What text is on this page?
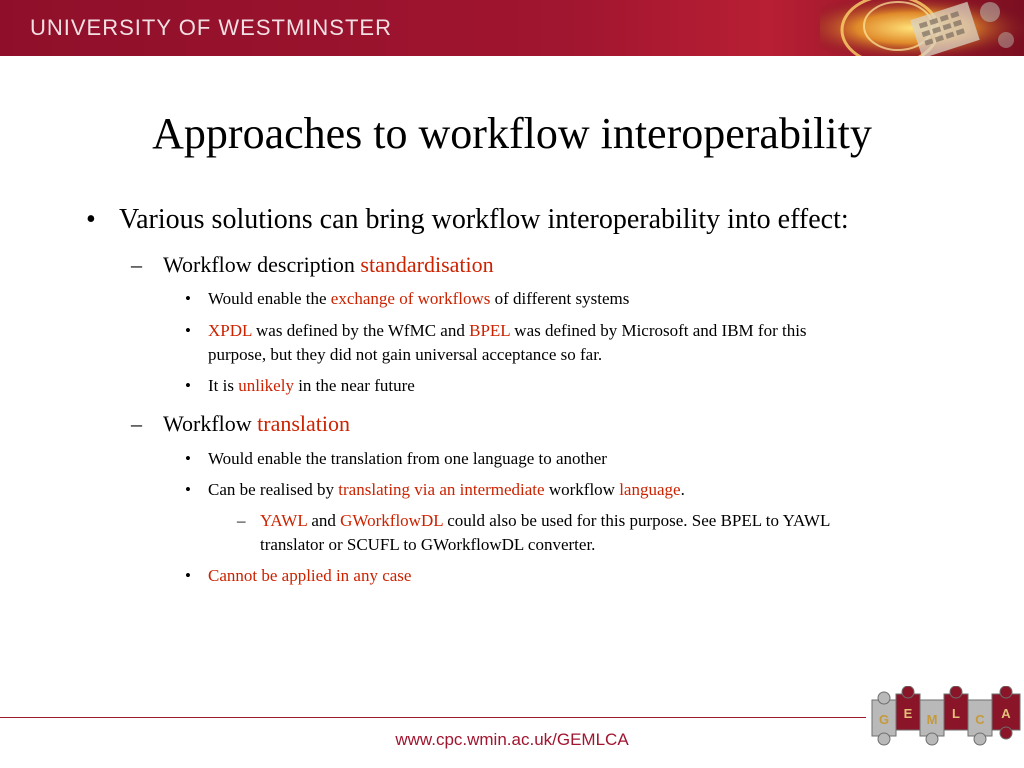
UNIVERSITY OF WESTMINSTER
Approaches to workflow interoperability
• Various solutions can bring workflow interoperability into effect:
– Workflow description standardisation
• Would enable the exchange of workflows of different systems
• XPDL was defined by the WfMC and BPEL was defined by Microsoft and IBM for this
purpose, but they did not gain universal acceptance so far.
• It is unlikely in the near future
– Workflow translation
• Would enable the translation from one language to another
• Can be realised by translating via an intermediate workflow language.
– YAWL and GWorkflowDL could also be used for this purpose. See BPEL to YAWL
translator or SCUFL to GWorkflowDL converter.
• Cannot be applied in any case
www.cpc.wmin.ac.uk/GEMLCA
G E M L C A
